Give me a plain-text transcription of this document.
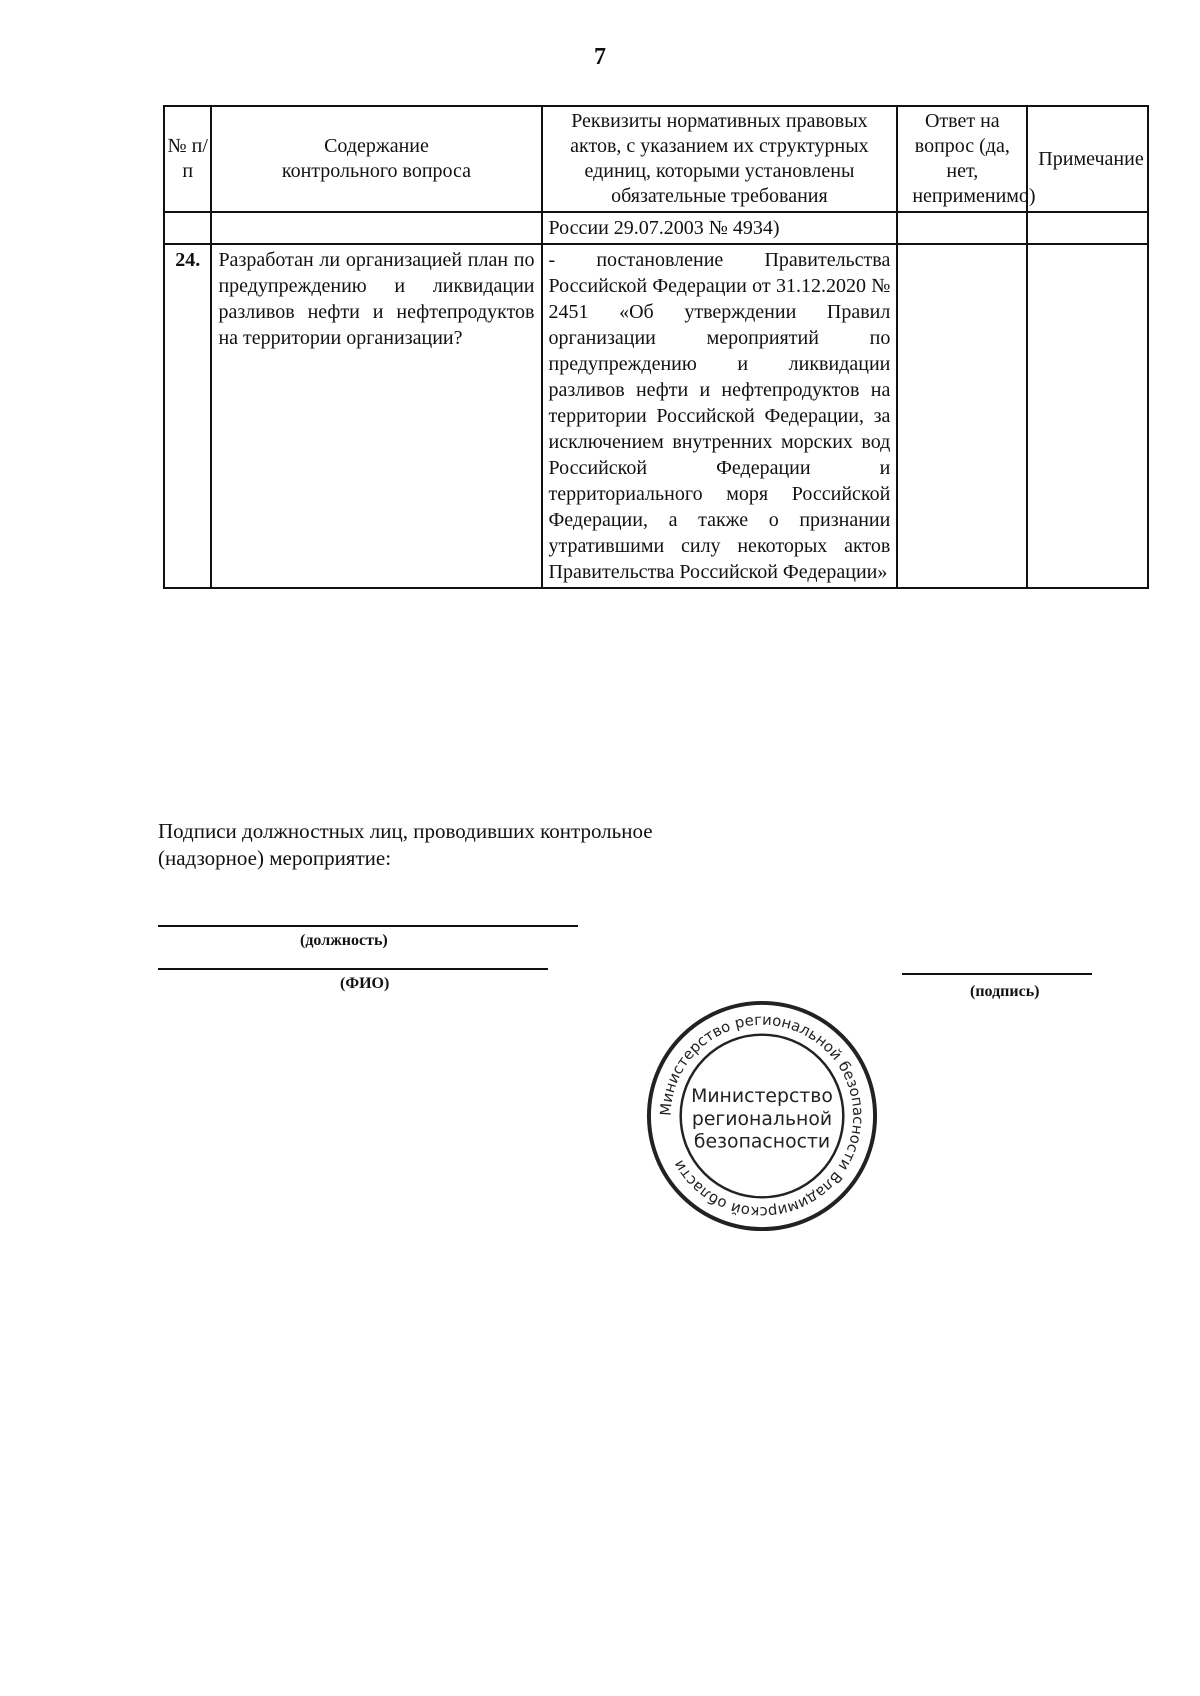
7
№ п/п	Содержание контрольного вопроса	Реквизиты нормативных правовых актов, с указанием их структурных единиц, которыми установлены обязательные требования	Ответ на вопрос (да, нет, неприменимо)	Примечание
		России 29.07.2003 № 4934)		
24.	Разработан ли организацией план по предупреждению и ликвидации разливов нефти и нефтепродуктов на территории организации?	- постановление Правительства Российской Федерации от 31.12.2020 № 2451 «Об утверждении Правил организации мероприятий по предупреждению и ликвидации разливов нефти и нефтепродуктов на территории Российской Федерации, за исключением внутренних морских вод Российской Федерации и территориального моря Российской Федерации, а также о признании утратившими силу некоторых актов Правительства Российской Федерации»		
Подписи должностных лиц, проводивших контрольное (надзорное) мероприятие:
(должность)
(ФИО)	(подпись)
Министерство региональной безопасности Владимирской области
Министерство
региональной
безопасности
